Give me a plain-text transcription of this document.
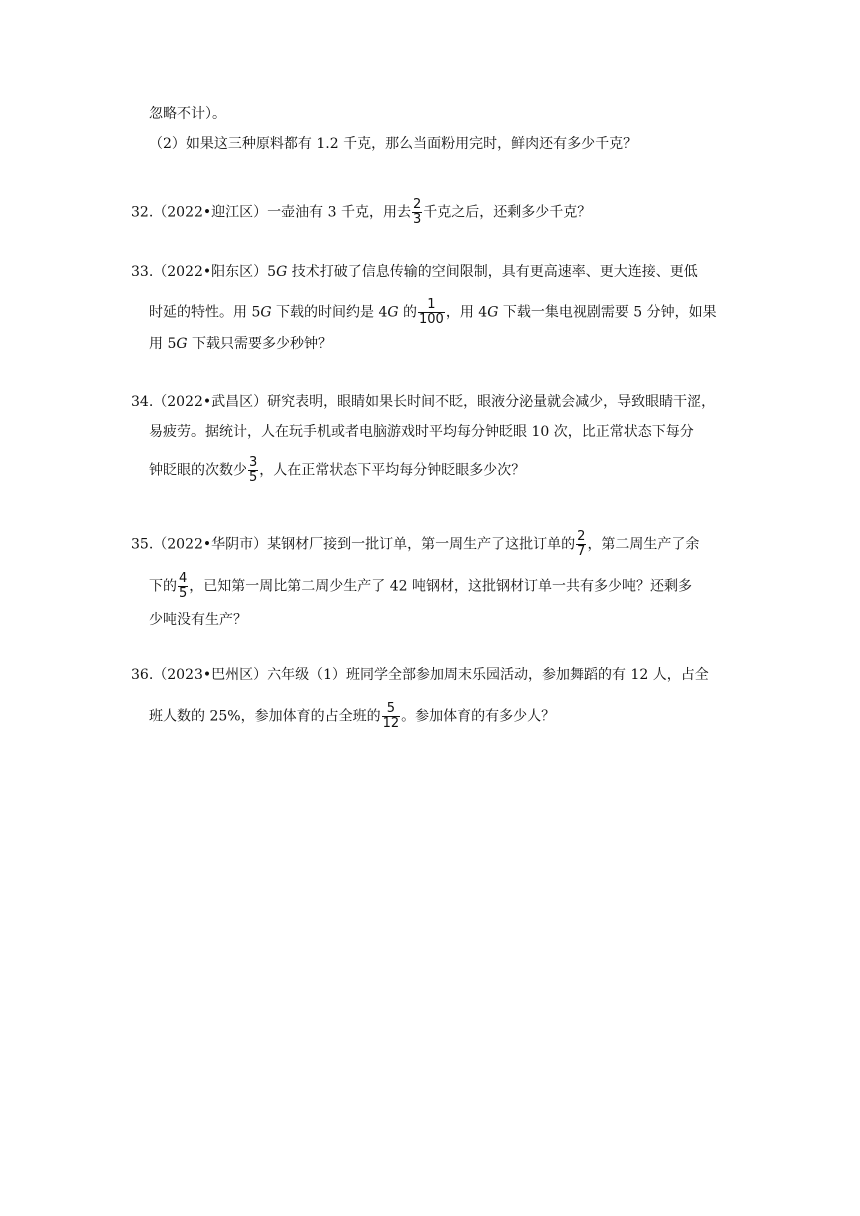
忽略不计）。
（2）如果这三种原料都有 1.2 千克，那么当面粉用完时，鲜肉还有多少千克？
32.（2022•迎江区）一壶油有 3 千克，用去 $\frac{2}{3}$ 千克之后，还剩多少千克？
33.（2022•阳东区）5G 技术打破了信息传输的空间限制，具有更高速率、更大连接、更低
时延的特性。用 5G 下载的时间约是 4G 的 $\frac{1}{100}$ ，用 4G 下载一集电视剧需要 5 分钟，如果
用 5G 下载只需要多少秒钟？
34.（2022•武昌区）研究表明，眼睛如果长时间不眨，眼液分泌量就会减少，导致眼睛干涩，
易疲劳。据统计，人在玩手机或者电脑游戏时平均每分钟眨眼 10 次，比正常状态下每分
钟眨眼的次数少 $\frac{3}{5}$ ，人在正常状态下平均每分钟眨眼多少次？
35.（2022•华阴市）某钢材厂接到一批订单，第一周生产了这批订单的 $\frac{2}{7}$ ，第二周生产了余
下的 $\frac{4}{5}$ ，已知第一周比第二周少生产了 42 吨钢材，这批钢材订单一共有多少吨？还剩多
少吨没有生产？
36.（2023•巴州区）六年级（1）班同学全部参加周末乐园活动，参加舞蹈的有 12 人，占全
班人数的 25%，参加体育的占全班的 $\frac{5}{12}$ 。参加体育的有多少人？
